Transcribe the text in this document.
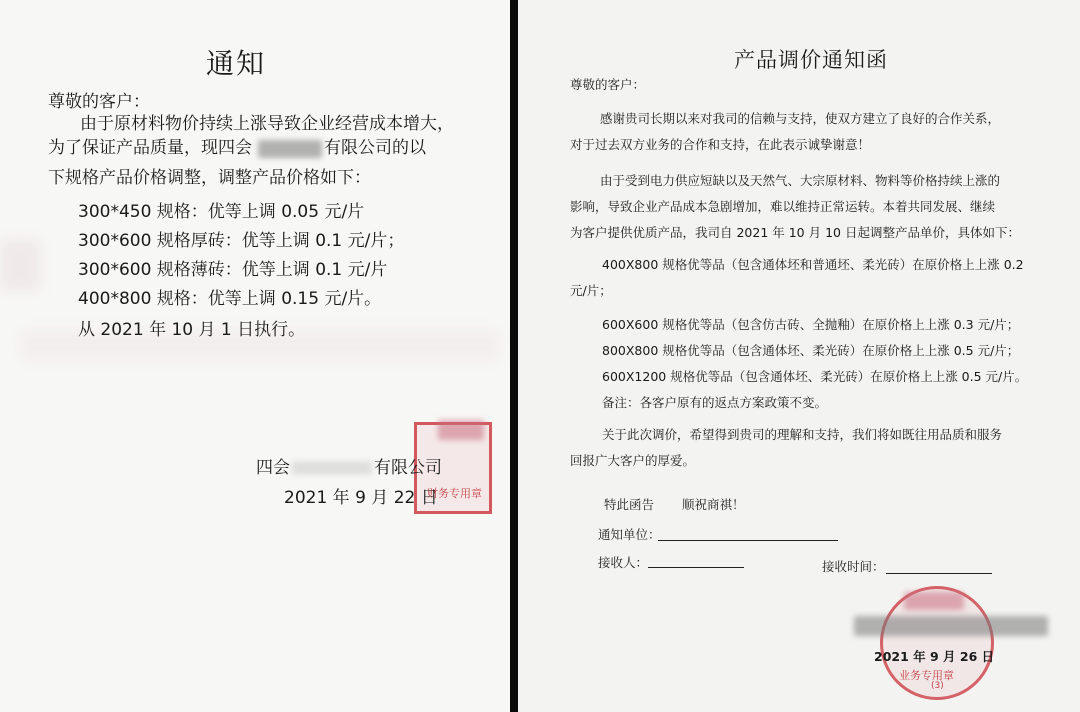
通知
尊敬的客户：
由于原材料物价持续上涨导致企业经营成本增大，
为了保证产品质量，现四会	有限公司的以
下规格产品价格调整，调整产品价格如下：
300*450 规格：优等上调 0.05 元/片
300*600 规格厚砖：优等上调 0.1 元/片；
300*600 规格薄砖：优等上调 0.1 元/片
400*800 规格：优等上调 0.15 元/片。
从 2021 年 10 月 1 日执行。
财务专用章
四会	有限公司
2021 年 9 月 22 日
产品调价通知函
尊敬的客户：
感谢贵司长期以来对我司的信赖与支持，使双方建立了良好的合作关系，
对于过去双方业务的合作和支持，在此表示诚挚谢意！
由于受到电力供应短缺以及天然气、大宗原材料、物料等价格持续上涨的
影响，导致企业产品成本急剧增加，难以维持正常运转。本着共同发展、继续
为客户提供优质产品，我司自 2021 年 10 月 10 日起调整产品单价，具体如下：
400X800 规格优等品（包含通体坯和普通坯、柔光砖）在原价格上上涨 0.2
元/片；
600X600 规格优等品（包含仿古砖、全抛釉）在原价格上上涨 0.3 元/片；
800X800 规格优等品（包含通体坯、柔光砖）在原价格上上涨 0.5 元/片；
600X1200 规格优等品（包含通体坯、柔光砖）在原价格上上涨 0.5 元/片。
备注：各客户原有的返点方案政策不变。
关于此次调价，希望得到贵司的理解和支持，我们将如既往用品质和服务
回报广大客户的厚爱。
特此函告 顺祝商祺！
通知单位：
接收人：	接收时间：
业务专用章
(3)
2021 年 9 月 26 日
